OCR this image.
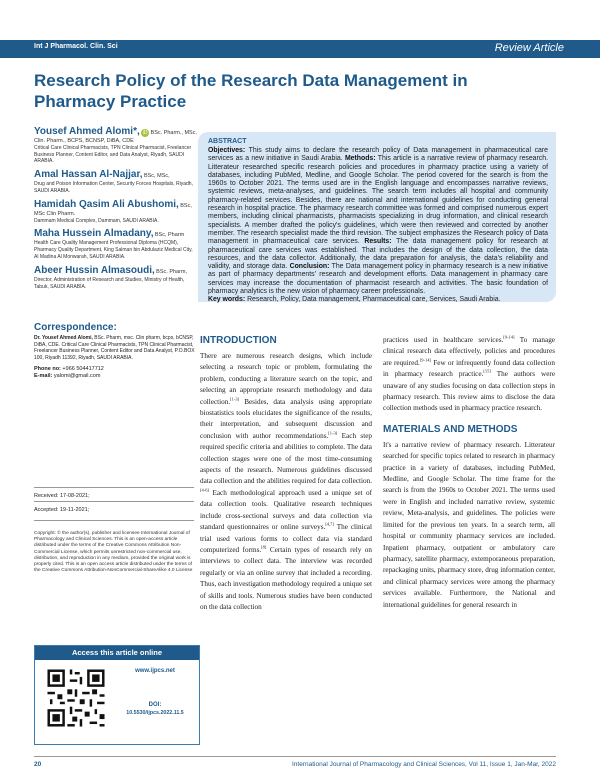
Int J Pharmacol. Clin. Sci	Review Article
Research Policy of the Research Data Management in Pharmacy Practice
Yousef Ahmed Alomi*, iD BSc. Pharm., MSc. Clin. Pharm., BCPS, BCNSP, DiBA, CDE
Critical Care Clinical Pharmacists, TPN Clinical Pharmacist, Freelancer Business Planner, Content Editor, and Data Analyst, Riyadh, SAUDI ARABIA.
Amal Hassan Al-Najjar, BSc, MSc,
Drug and Poison Information Center, Security Forces Hospitals, Riyadh, SAUDI ARABIA.
Hamidah Qasim Ali Abushomi, BSc, MSc Clin Pharm.
Dammam Medical Complex, Dammam, SAUDI ARABIA.
Maha Hussein Almadany, BSc, Pharm
Health Care Quality Management Professional Diploma (HCQM), Pharmacy Quality Department, King Salman bin Abdulaziz Medical City, Al Madina Al Monwarah, SAUDI ARABIA.
Abeer Hussin Almasoudi, BSc. Pharm,
Director, Administration of Research and Studies, Ministry of Health, Tabuk, SAUDI ARABIA.
Correspondence:
Dr. Yousef Ahmed Alomi, BSc. Pharm, msc. Clin pharm, bcps, bCNSP, DiBA, CDE. Critical Care Clinical Pharmacists, TPN Clinical Pharmacist, Freelancer Business Planner, Content Editor and Data Analyst, P.O.BOX 100, Riyadh 11392, Riyadh, SAUDI ARABIA.
Phone no: +966 504417712
E-mail: yalomi@gmail.com
Received: 17-08-2021;
Accepted: 19-11-2021;
Copyright: © the author(s), publisher and licensee International Journal of Pharmacology and Clinical Sciences. This is an open-access article distributed under the terms of the Creative Commons Attribution Non-Commercial License, which permits unrestricted non-commercial use, distribution, and reproduction in any medium, provided the original work is properly cited. This is an open access article distributed under the terms of the Creative Commons Attribution-NonCommercial-ShareAlike 4.0 License
Access this article online
www.ijpcs.net
DOI:
10.5530/ijpcs.2022.11.5
ABSTRACT
Objectives: This study aims to declare the research policy of Data management in pharmaceutical care services as a new initiative in Saudi Arabia. Methods: This article is a narrative review of pharmacy research. Litterateur researched specific research policies and procedures in pharmacy practice using a variety of databases, including PubMed, Medline, and Google Scholar. The period covered for the search is from the 1960s to October 2021. The terms used are in the English language and encompasses narrative reviews, systemic reviews, meta-analyses, and guidelines. The search term includes all hospital and community pharmacy-related services. Besides, there are national and international guidelines for conducting general research in hospital practice. The pharmacy research committee was formed and comprised numerous expert members, including clinical pharmacists, pharmacists specializing in drug information, and clinical research specialists. A member drafted the policy's guidelines, which were then reviewed and corrected by another member. The research specialist made the third revision. The subject emphasizes the Research policy of Data management in pharmaceutical care services. Results: The data management policy for research at pharmaceutical care services was established. That includes the design of the data collection, the data resources, and the data collector. Additionally, the data preparation for analysis, the data's reliability and validity, and storage data. Conclusion: The Data management policy in pharmacy research is a new initiative as part of pharmacy departments' research and development efforts. Data management in pharmacy care services may increase the documentation of pharmacist research and activities. The basic foundation of pharmacy analytics is the new vision of pharmacy career professionals.
Key words: Research, Policy, Data management, Pharmaceutical care, Services, Saudi Arabia.
INTRODUCTION
There are numerous research designs, which include selecting a research topic or problem, formulating the problem, conducting a literature search on the topic, and selecting an appropriate research methodology and data collection.[1-3] Besides, data analysis using appropriate biostatistics tools elucidates the significance of the results, their interpretation, and subsequent discussion and conclusion with author recommendations.[1-3] Each step required specific criteria and abilities to complete. The data collection stages were one of the most time-consuming aspects of the research. Numerous guidelines discussed data collection and the abilities required for data collection.[4-6] Each methodological approach used a unique set of data collection tools. Qualitative research techniques include cross-sectional surveys and data collection via standard questionnaires or online surveys.[4,7] The clinical trial used various forms to collect data via standard computerized forms.[8] Certain types of research rely on interviews to collect data. The interview was recorded regularly or via an online survey that included a recording. Thus, each investigation methodology required a unique set of skills and tools. Numerous studies have been conducted on the data collection
practices used in healthcare services.[9-14] To manage clinical research data effectively, policies and procedures are required.[9-14] Few or infrequently found data collection in pharmacy research practice.[15] The authors were unaware of any studies focusing on data collection steps in pharmacy research. This review aims to disclose the data collection methods used in pharmacy practice research.
MATERIALS AND METHODS
It's a narrative review of pharmacy research. Litterateur searched for specific topics related to research in pharmacy practice in a variety of databases, including PubMed, Medline, and Google Scholar. The time frame for the search is from the 1960s to October 2021. The terms used were in English and included narrative review, systemic review, Meta-analysis, and guidelines. The policies were limited for the previous ten years. In a search term, all hospital or community pharmacy services are included. Inpatient pharmacy, outpatient or ambulatory care pharmacy, satellite pharmacy, extemporaneous preparation, repackaging units, pharmacy store, drug information center, and clinical pharmacy services were among the pharmacy services available. Furthermore, the National and international guidelines for general research in
20	International Journal of Pharmacology and Clinical Sciences, Vol 11, Issue 1, Jan-Mar, 2022
